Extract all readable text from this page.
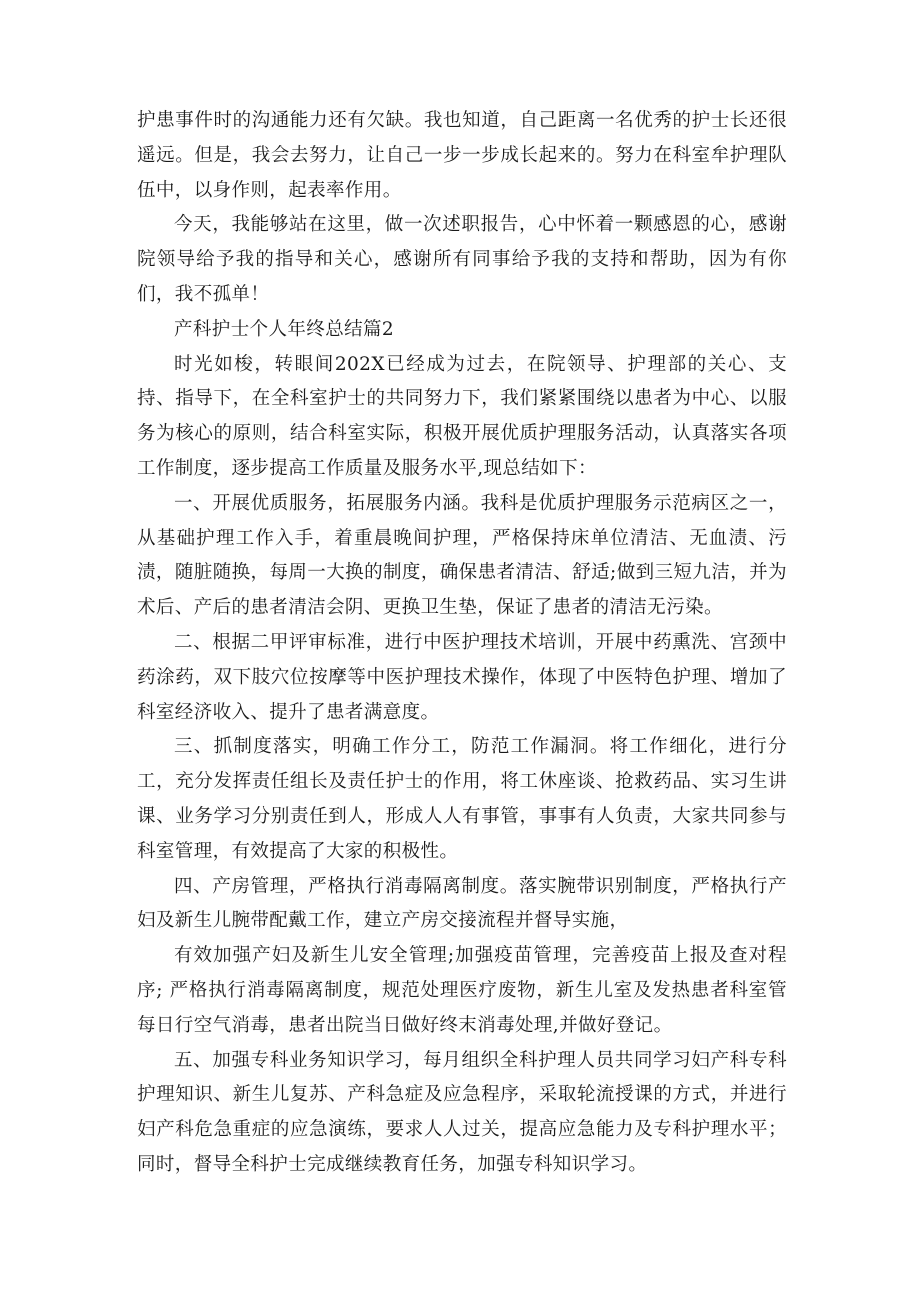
护患事件时的沟通能力还有欠缺。我也知道，自己距离一名优秀的护士长还很遥远。但是，我会去努力，让自己一步一步成长起来的。努力在科室牟护理队伍中，以身作则，起表率作用。

今天，我能够站在这里，做一次述职报告，心中怀着一颗感恩的心，感谢院领导给予我的指导和关心，感谢所有同事给予我的支持和帮助，因为有你们，我不孤单！

产科护士个人年终总结篇2

时光如梭，转眼间202X已经成为过去，在院领导、护理部的关心、支持、指导下，在全科室护士的共同努力下，我们紧紧围绕以患者为中心、以服务为核心的原则，结合科室实际，积极开展优质护理服务活动，认真落实各项工作制度，逐步提高工作质量及服务水平,现总结如下：

一、开展优质服务，拓展服务内涵。我科是优质护理服务示范病区之一，从基础护理工作入手，着重晨晚间护理，严格保持床单位清洁、无血渍、污渍，随脏随换，每周一大换的制度，确保患者清洁、舒适;做到三短九洁，并为术后、产后的患者清洁会阴、更换卫生垫，保证了患者的清洁无污染。

二、根据二甲评审标准，进行中医护理技术培训，开展中药熏洗、宫颈中药涂药，双下肢穴位按摩等中医护理技术操作，体现了中医特色护理、增加了科室经济收入、提升了患者满意度。

三、抓制度落实，明确工作分工，防范工作漏洞。将工作细化，进行分工，充分发挥责任组长及责任护士的作用，将工休座谈、抢救药品、实习生讲课、业务学习分别责任到人，形成人人有事管，事事有人负责，大家共同参与科室管理，有效提高了大家的积极性。

四、产房管理，严格执行消毒隔离制度。落实腕带识别制度，严格执行产妇及新生儿腕带配戴工作，建立产房交接流程并督导实施，

有效加强产妇及新生儿安全管理;加强疫苗管理，完善疫苗上报及查对程序; 严格执行消毒隔离制度，规范处理医疗废物，新生儿室及发热患者科室管每日行空气消毒，患者出院当日做好终末消毒处理,并做好登记。

五、加强专科业务知识学习，每月组织全科护理人员共同学习妇产科专科护理知识、新生儿复苏、产科急症及应急程序，采取轮流授课的方式，并进行妇产科危急重症的应急演练，要求人人过关，提高应急能力及专科护理水平；同时，督导全科护士完成继续教育任务，加强专科知识学习。
